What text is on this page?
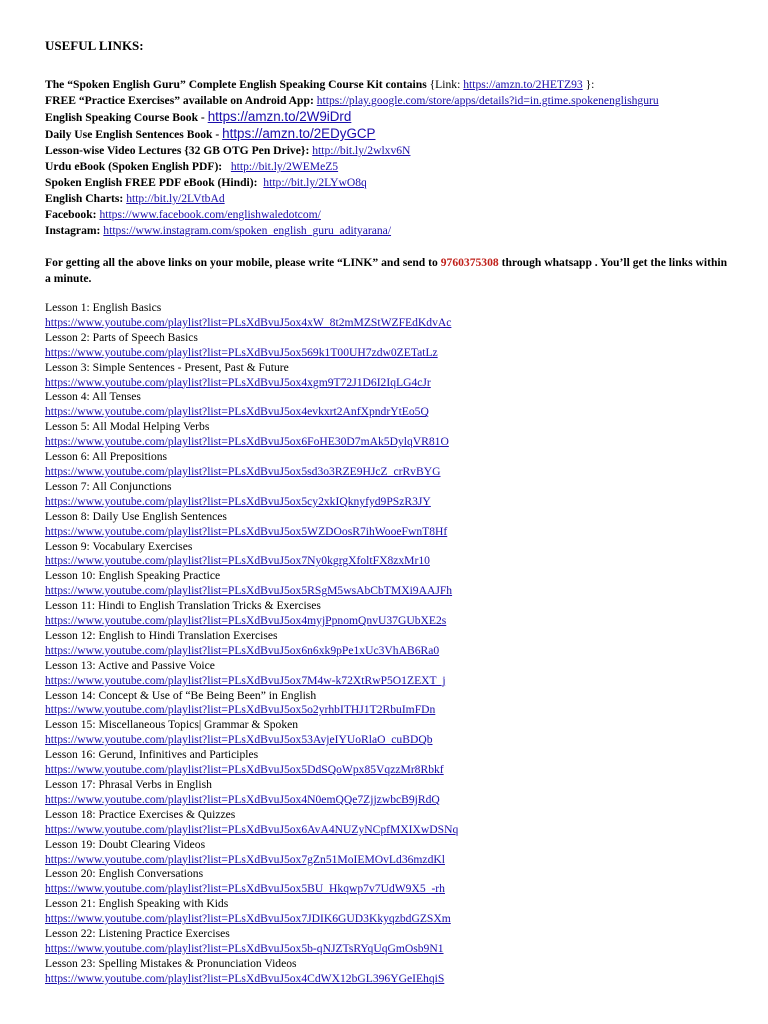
USEFUL LINKS:
The “Spoken English Guru” Complete English Speaking Course Kit contains {Link: https://amzn.to/2HETZ93 }:
FREE “Practice Exercises” available on Android App: https://play.google.com/store/apps/details?id=in.gtime.spokenenglishguru
English Speaking Course Book - https://amzn.to/2W9iDrd
Daily Use English Sentences Book - https://amzn.to/2EDyGCP
Lesson-wise Video Lectures {32 GB OTG Pen Drive}: http://bit.ly/2wlxv6N
Urdu eBook (Spoken English PDF): http://bit.ly/2WEMeZ5
Spoken English FREE PDF eBook (Hindi): http://bit.ly/2LYwO8q
English Charts: http://bit.ly/2LVtbAd
Facebook: https://www.facebook.com/englishwaledotcom/
Instagram: https://www.instagram.com/spoken_english_guru_adityarana/
For getting all the above links on your mobile, please write “LINK” and send to 9760375308 through whatsapp . You’ll get the links within a minute.
Lesson 1: English Basics
https://www.youtube.com/playlist?list=PLsXdBvuJ5ox4xW_8t2mMZStWZFEdKdvAc
Lesson 2: Parts of Speech Basics
https://www.youtube.com/playlist?list=PLsXdBvuJ5ox569k1T00UH7zdw0ZETatLz
Lesson 3: Simple Sentences - Present, Past & Future
https://www.youtube.com/playlist?list=PLsXdBvuJ5ox4xgm9T72J1D6I2IqLG4cJr
Lesson 4: All Tenses
https://www.youtube.com/playlist?list=PLsXdBvuJ5ox4evkxrt2AnfXpndrYtEo5Q
Lesson 5: All Modal Helping Verbs
https://www.youtube.com/playlist?list=PLsXdBvuJ5ox6FoHE30D7mAk5DylqVR81O
Lesson 6: All Prepositions
https://www.youtube.com/playlist?list=PLsXdBvuJ5ox5sd3o3RZE9HJcZ_crRvBYG
Lesson 7: All Conjunctions
https://www.youtube.com/playlist?list=PLsXdBvuJ5ox5cy2xkIQknyfyd9PSzR3JY
Lesson 8: Daily Use English Sentences
https://www.youtube.com/playlist?list=PLsXdBvuJ5ox5WZDOosR7ihWooeFwnT8Hf
Lesson 9: Vocabulary Exercises
https://www.youtube.com/playlist?list=PLsXdBvuJ5ox7Ny0kgrgXfoltFX8zxMr10
Lesson 10: English Speaking Practice
https://www.youtube.com/playlist?list=PLsXdBvuJ5ox5RSgM5wsAbCbTMXi9AAJFh
Lesson 11: Hindi to English Translation Tricks & Exercises
https://www.youtube.com/playlist?list=PLsXdBvuJ5ox4myjPpnomQnvU37GUbXE2s
Lesson 12: English to Hindi Translation Exercises
https://www.youtube.com/playlist?list=PLsXdBvuJ5ox6n6xk9pPe1xUc3VhAB6Ra0
Lesson 13: Active and Passive Voice
https://www.youtube.com/playlist?list=PLsXdBvuJ5ox7M4w-k72XtRwP5O1ZEXT_j
Lesson 14: Concept & Use of “Be Being Been” in English
https://www.youtube.com/playlist?list=PLsXdBvuJ5ox5o2yrhbITHJ1T2RbuImFDn
Lesson 15: Miscellaneous Topics| Grammar & Spoken
https://www.youtube.com/playlist?list=PLsXdBvuJ5ox53AvjeIYUoRlaO_cuBDQb
Lesson 16: Gerund, Infinitives and Participles
https://www.youtube.com/playlist?list=PLsXdBvuJ5ox5DdSQoWpx85VqzzMr8Rbkf
Lesson 17: Phrasal Verbs in English
https://www.youtube.com/playlist?list=PLsXdBvuJ5ox4N0emQQe7ZjjzwbcB9jRdQ
Lesson 18: Practice Exercises & Quizzes
https://www.youtube.com/playlist?list=PLsXdBvuJ5ox6AvA4NUZyNCpfMXIXwDSNq
Lesson 19: Doubt Clearing Videos
https://www.youtube.com/playlist?list=PLsXdBvuJ5ox7gZn51MoIEMOvLd36mzdKl
Lesson 20: English Conversations
https://www.youtube.com/playlist?list=PLsXdBvuJ5ox5BU_Hkqwp7v7UdW9X5_-rh
Lesson 21: English Speaking with Kids
https://www.youtube.com/playlist?list=PLsXdBvuJ5ox7JDIK6GUD3KkyqzbdGZSXm
Lesson 22: Listening Practice Exercises
https://www.youtube.com/playlist?list=PLsXdBvuJ5ox5b-qNJZTsRYqUqGmOsb9N1
Lesson 23: Spelling Mistakes & Pronunciation Videos
https://www.youtube.com/playlist?list=PLsXdBvuJ5ox4CdWX12bGL396YGeIEhqiS
